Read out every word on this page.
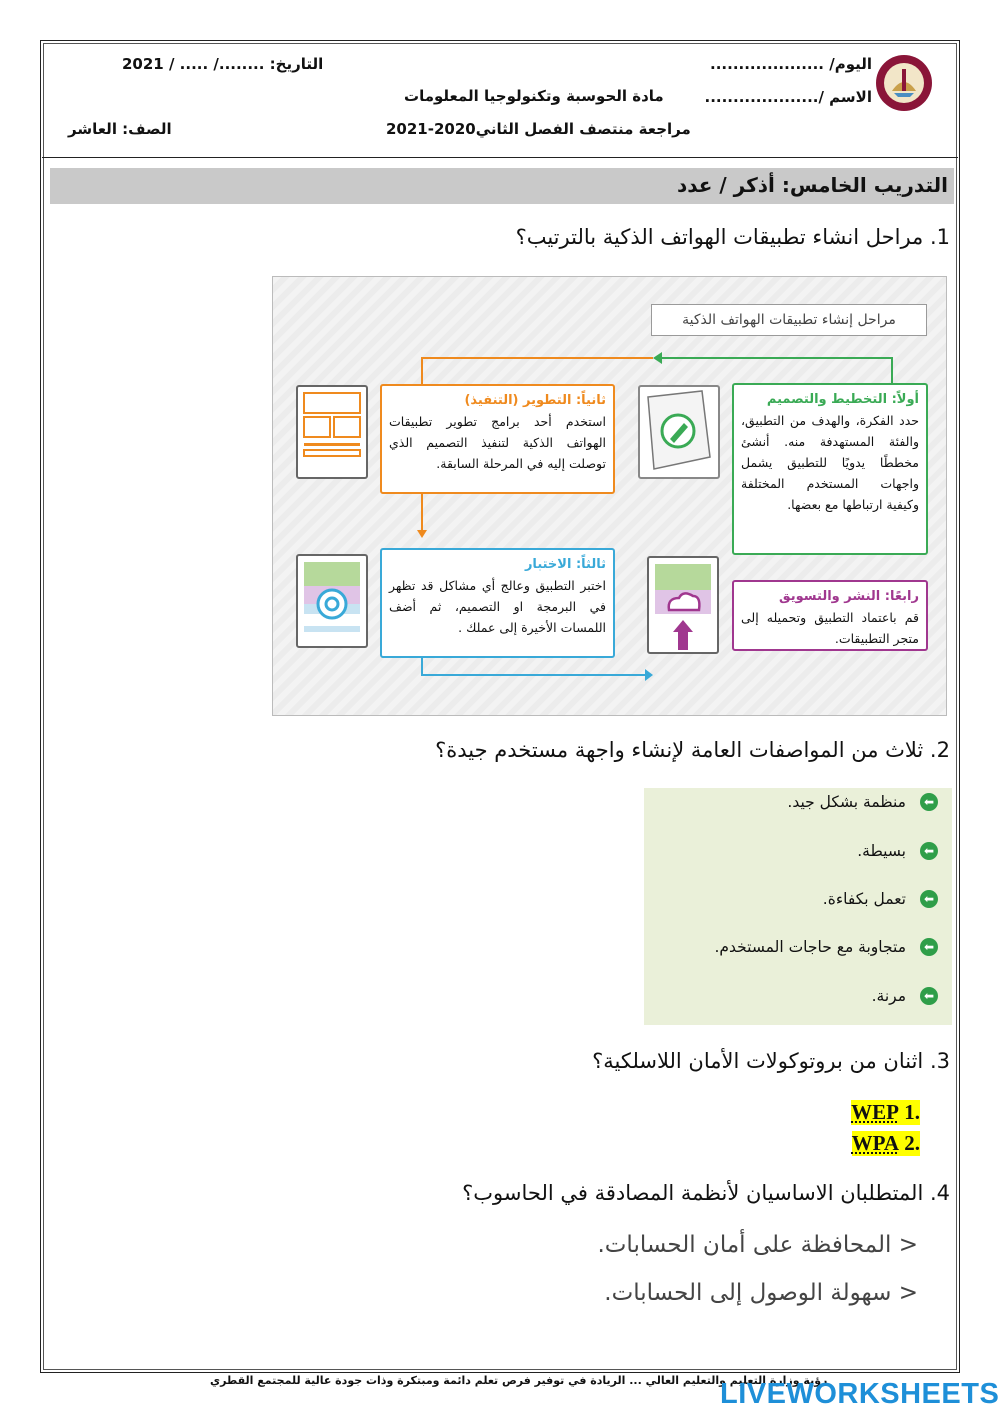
اليوم/ ....................
الاسم /....................
التاريخ: ......../ ..... / 2021
مادة الحوسبة وتكنولوجيا المعلومات
مراجعة منتصف الفصل الثاني2020-2021
الصف: العاشر
التدريب الخامس: أذكر / عدد
1. مراحل انشاء تطبيقات الهواتف الذكية بالترتيب؟
مراحل إنشاء تطبيقات الهواتف الذكية
أولاً: التخطيط والتصميم
حدد الفكرة، والهدف من التطبيق، والفئة المستهدفة منه. أنشئ مخططًا يدويًا للتطبيق يشمل واجهات المستخدم المختلفة وكيفية ارتباطها مع بعضها.
ثانياً: التطوير (التنفيذ)
استخدم أحد برامج تطوير تطبيقات الهواتف الذكية لتنفيذ التصميم الذي توصلت إليه في المرحلة السابقة.
ثالثاً: الاختبار
اختبر التطبيق وعالج أي مشاكل قد تظهر في البرمجة او التصميم، ثم أضف اللمسات الأخيرة إلى عملك .
رابعًا: النشر والتسويق
قم باعتماد التطبيق وتحميله إلى متجر التطبيقات.
2. ثلاث من المواصفات العامة لإنشاء واجهة مستخدم جيدة؟
⬅
منظمة بشكل جيد.
⬅
بسيطة.
⬅
تعمل بكفاءة.
⬅
متجاوبة مع حاجات المستخدم.
⬅
مرنة.
3. اثنان من بروتوكولات الأمان اللاسلكية؟
.1 WEP
.2 WPA
4. المتطلبان الاساسيان لأنظمة المصادقة في الحاسوب؟
< المحافظة على أمان الحسابات.
< سهولة الوصول إلى الحسابات.
رؤية وزارة التعليم والتعليم العالي ... الريادة في توفير فرص تعلم دائمة ومبتكرة وذات جودة عالية للمجتمع القطري
LIVEWORKSHEETS
